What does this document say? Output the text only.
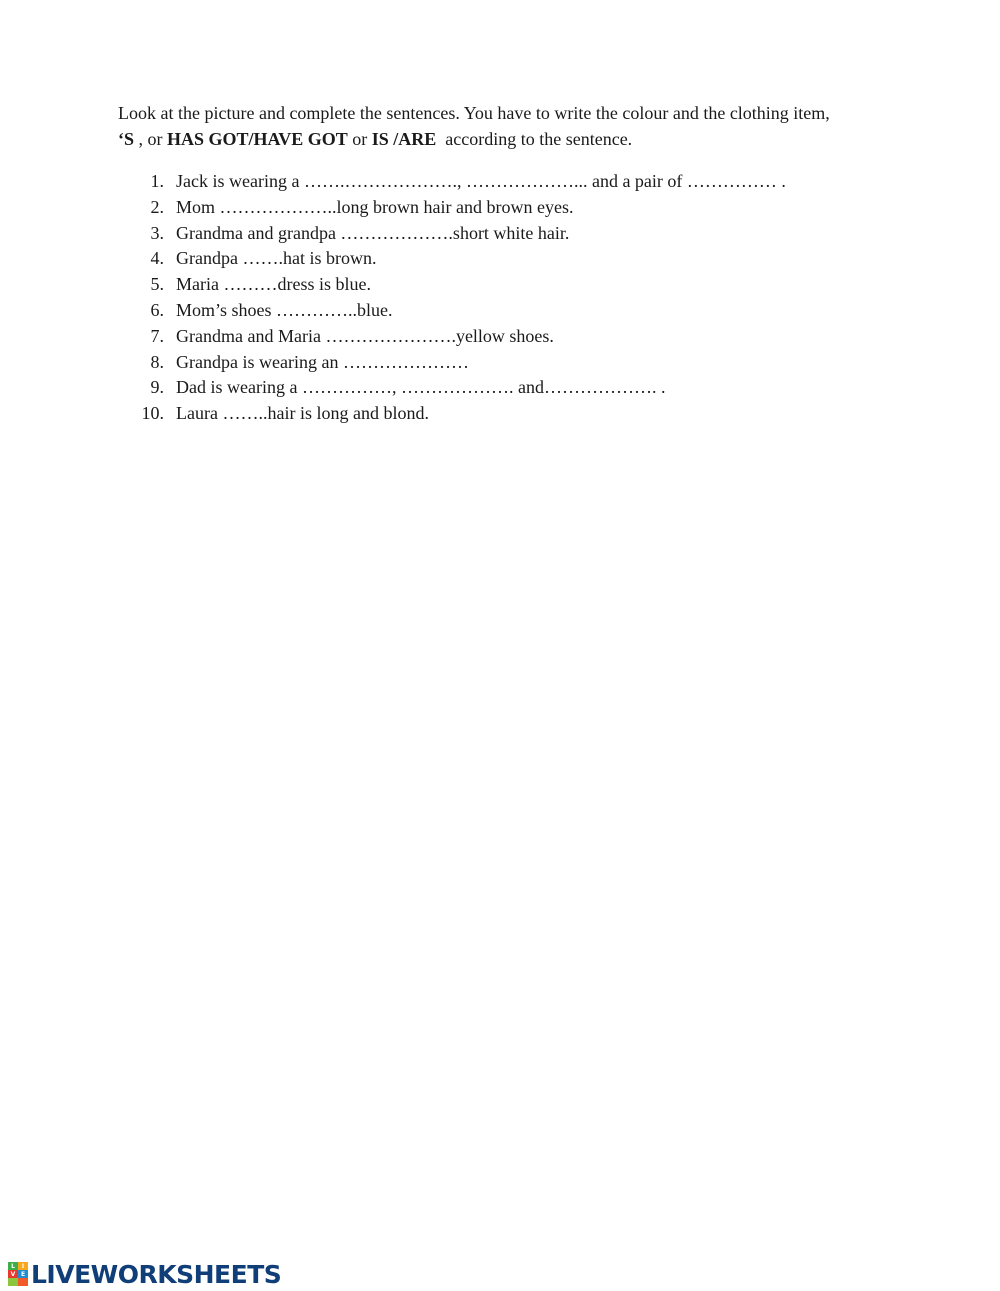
Look at the picture and complete the sentences. You have to write the colour and the clothing item,
‘S , or HAS GOT/HAVE GOT or IS /ARE  according to the sentence.
1. Jack is wearing a …….………………., ………………... and a pair of …………… .
2. Mom ………………..long brown hair and brown eyes.
3. Grandma and grandpa ……………….short white hair.
4. Grandpa …….hat is brown.
5. Maria ………dress is blue.
6. Mom’s shoes …………..blue.
7. Grandma and Maria ………………….yellow shoes.
8. Grandpa is wearing an …………………
9. Dad is wearing a ……………, ………………. and………………. .
10. Laura ……..hair is long and blond.
L	I
V E LIVEWORKSHEETS
